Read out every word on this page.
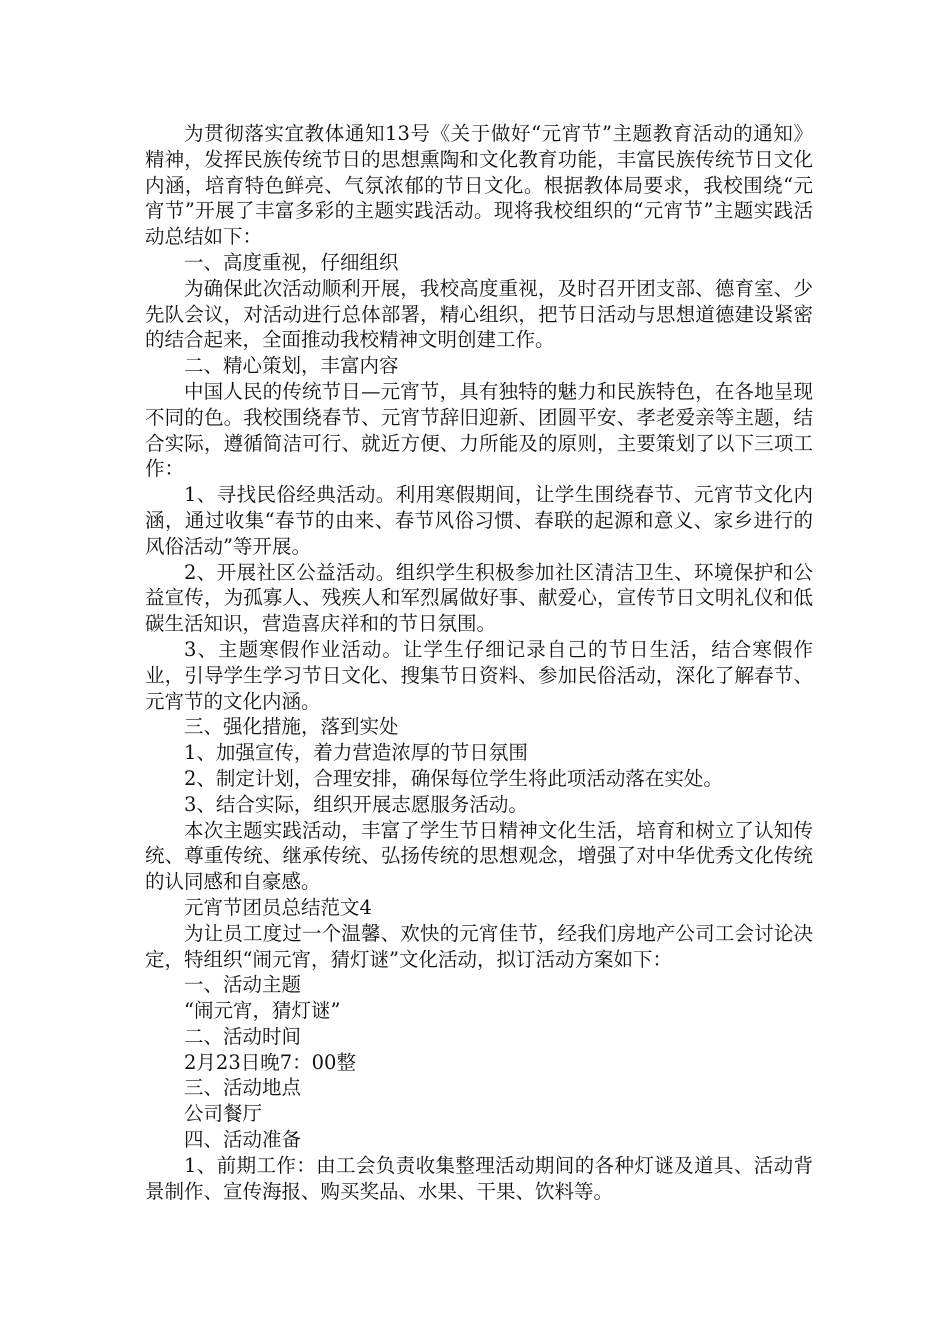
为贯彻落实宜教体通知13号《关于做好“元宵节”主题教育活动的通知》精神，发挥民族传统节日的思想熏陶和文化教育功能，丰富民族传统节日文化内涵，培育特色鲜亮、气氛浓郁的节日文化。根据教体局要求，我校围绕“元宵节”开展了丰富多彩的主题实践活动。现将我校组织的“元宵节”主题实践活动总结如下：

一、高度重视，仔细组织

为确保此次活动顺利开展，我校高度重视，及时召开团支部、德育室、少先队会议，对活动进行总体部署，精心组织，把节日活动与思想道德建设紧密的结合起来，全面推动我校精神文明创建工作。

二、精心策划，丰富内容

中国人民的传统节日—元宵节，具有独特的魅力和民族特色，在各地呈现不同的色。我校围绕春节、元宵节辞旧迎新、团圆平安、孝老爱亲等主题，结合实际，遵循简洁可行、就近方便、力所能及的原则，主要策划了以下三项工作：

1、寻找民俗经典活动。利用寒假期间，让学生围绕春节、元宵节文化内涵，通过收集“春节的由来、春节风俗习惯、春联的起源和意义、家乡进行的风俗活动”等开展。

2、开展社区公益活动。组织学生积极参加社区清洁卫生、环境保护和公益宣传，为孤寡人、残疾人和军烈属做好事、献爱心，宣传节日文明礼仪和低碳生活知识，营造喜庆祥和的节日氛围。

3、主题寒假作业活动。让学生仔细记录自己的节日生活，结合寒假作业，引导学生学习节日文化、搜集节日资料、参加民俗活动，深化了解春节、元宵节的文化内涵。

三、强化措施，落到实处

1、加强宣传，着力营造浓厚的节日氛围

2、制定计划，合理安排，确保每位学生将此项活动落在实处。

3、结合实际，组织开展志愿服务活动。

本次主题实践活动，丰富了学生节日精神文化生活，培育和树立了认知传统、尊重传统、继承传统、弘扬传统的思想观念，增强了对中华优秀文化传统的认同感和自豪感。

元宵节团员总结范文4

为让员工度过一个温馨、欢快的元宵佳节，经我们房地产公司工会讨论决定，特组织“闹元宵，猜灯谜”文化活动，拟订活动方案如下：

一、活动主题

“闹元宵，猜灯谜”

二、活动时间

2月23日晚7：00整

三、活动地点

公司餐厅

四、活动准备

1、前期工作：由工会负责收集整理活动期间的各种灯谜及道具、活动背景制作、宣传海报、购买奖品、水果、干果、饮料等。
